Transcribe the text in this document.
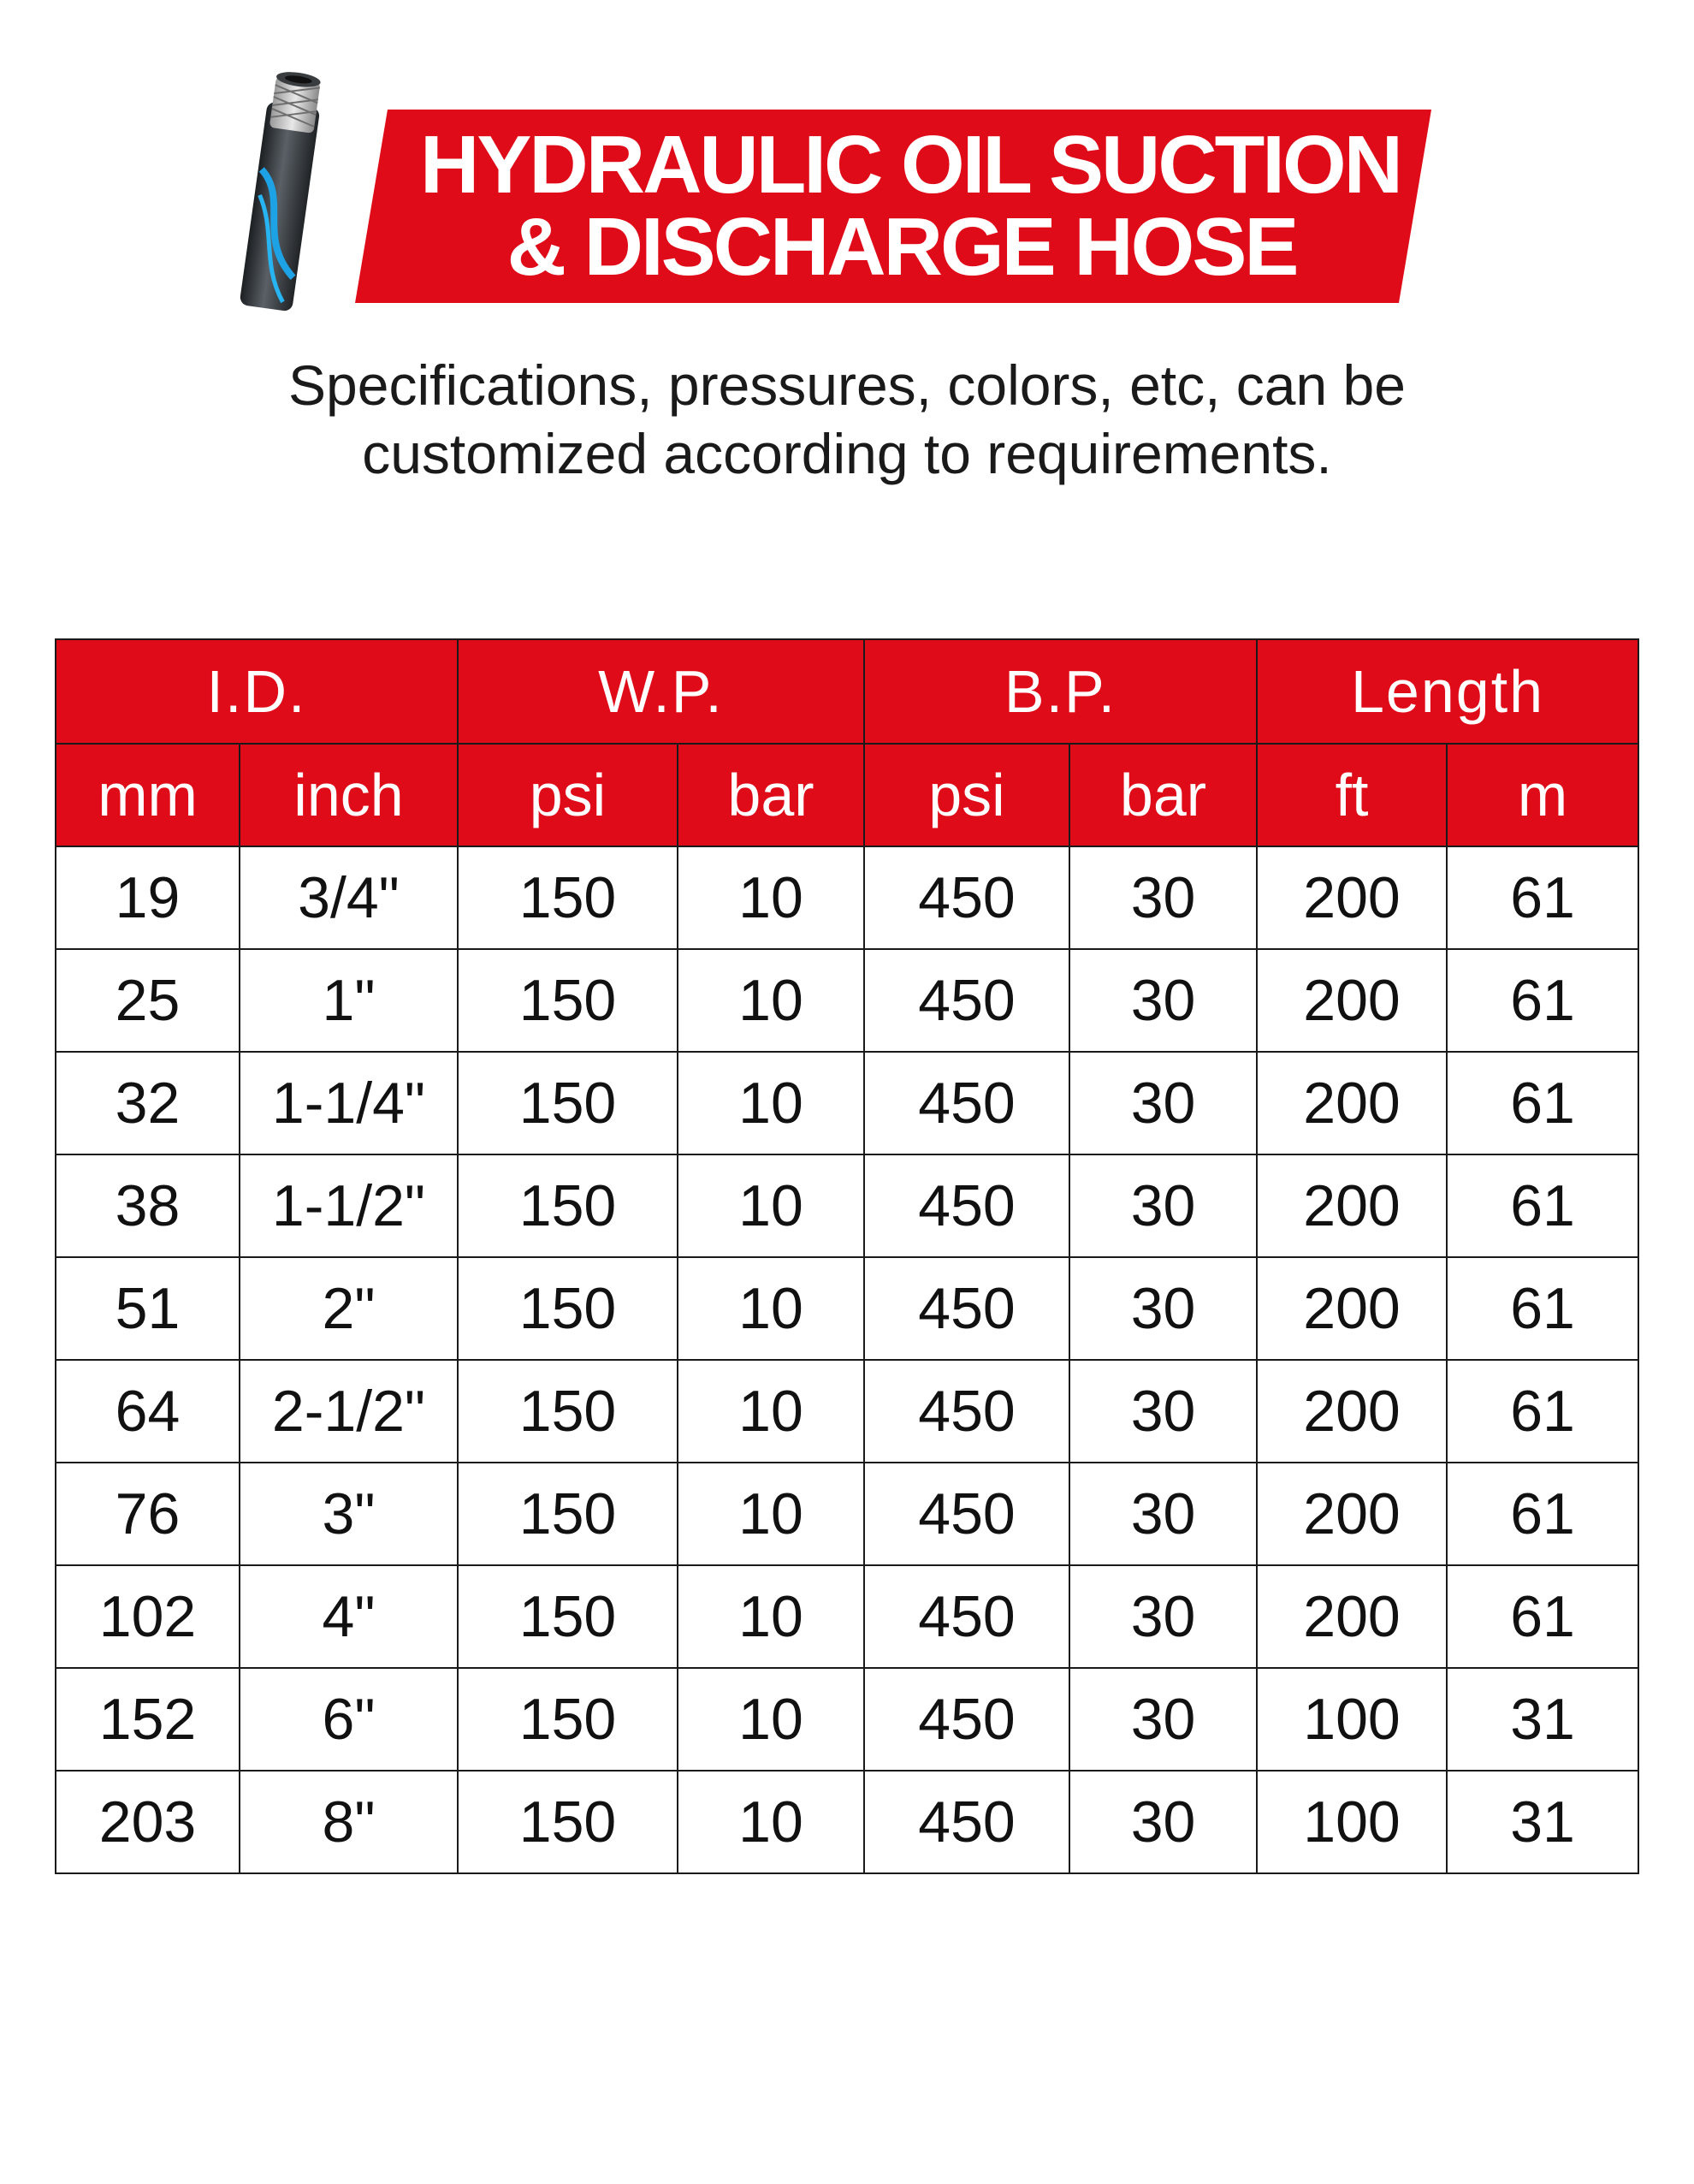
HYDRAULIC OIL SUCTION
& DISCHARGE HOSE
Specifications, pressures, colors, etc, can be
customized according to requirements.
I.D.		W.P.		B.P.		Length	
mm	inch	psi	bar	psi	bar	ft	m
19	3/4"	150	10	450	30	200	61
25	1"	150	10	450	30	200	61
32	1-1/4"	150	10	450	30	200	61
38	1-1/2"	150	10	450	30	200	61
51	2"	150	10	450	30	200	61
64	2-1/2"	150	10	450	30	200	61
76	3"	150	10	450	30	200	61
102	4"	150	10	450	30	200	61
152	6"	150	10	450	30	100	31
203	8"	150	10	450	30	100	31
